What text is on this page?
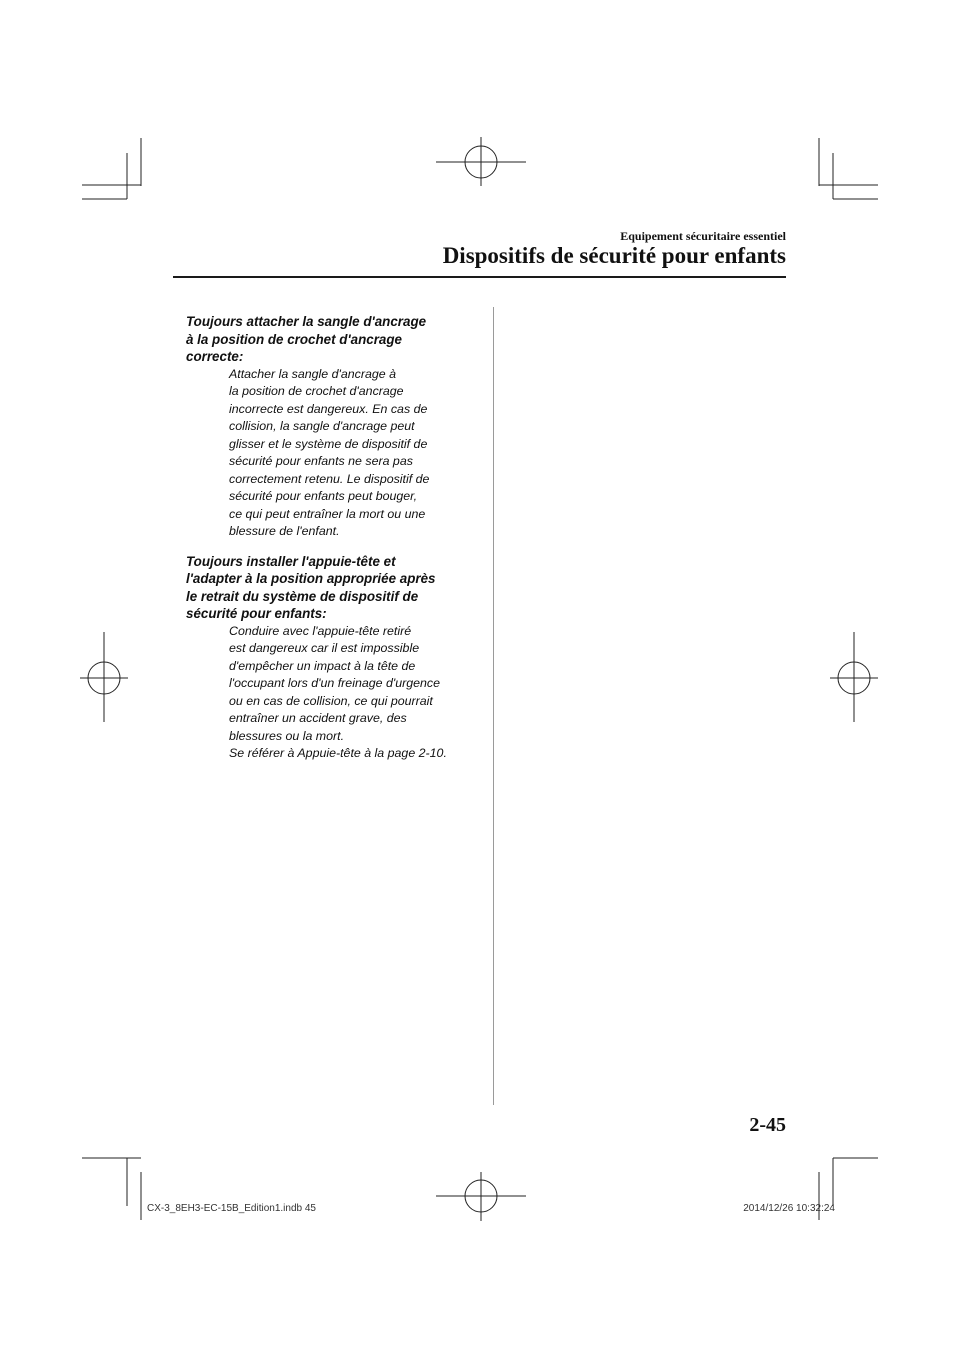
Equipement sécuritaire essentiel
Dispositifs de sécurité pour enfants

Toujours attacher la sangle d'ancrage

à la position de crochet d'ancrage

correcte:

Attacher la sangle d'ancrage à

la position de crochet d'ancrage

incorrecte est dangereux. En cas de

collision, la sangle d'ancrage peut

glisser et le système de dispositif de

sécurité pour enfants ne sera pas

correctement retenu. Le dispositif de

sécurité pour enfants peut bouger,

ce qui peut entraîner la mort ou une

blessure de l'enfant.

Toujours installer l'appuie-tête et

l'adapter à la position appropriée après

le retrait du système de dispositif de

sécurité pour enfants:

Conduire avec l'appuie-tête retiré

est dangereux car il est impossible

d'empêcher un impact à la tête de

l'occupant lors d'un freinage d'urgence

ou en cas de collision, ce qui pourrait

entraîner un accident grave, des

blessures ou la mort.

Se référer à Appuie-tête à la page 2-10.

2-45
CX-3_8EH3-EC-15B_Edition1.indb 45	2014/12/26 10:32:24
